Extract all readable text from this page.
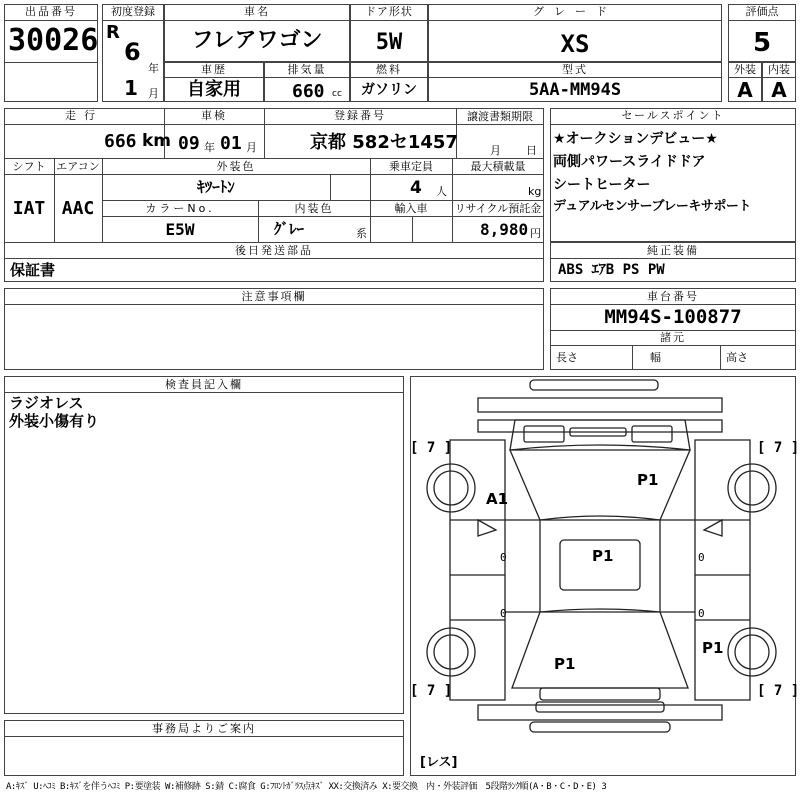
出品番号
30026
初度登録
R
6
年
1 月
車名
フレアワゴン
ドア形状
5W
グレード
XS
評価点
5
車歴
自家用
排気量
660 cc
燃料
ガソリン
型式
5AA-MM94S
外装
A
内装
A
走行
666 km
車検
09 年 01 月
登録番号
京都 582セ1457
譲渡書類期限
月 日
シフト
IAT
エアコン
AAC
外装色
ｷﾂｰﾄﾝ
乗車定員
4 人
最大積載量
kg
カラーNo.
E5W
内装色
ｸﾞﾚｰ	系
輸入車	リサイクル預託金
8,980 円
後日発送部品
保証書
セールスポイント
★オークションデビュー★
両側パワースライドドア
シートヒーター
デュアルセンサーブレーキサポート
純正装備
ABS ｴｱB PS PW
注意事項欄	車台番号
MM94S-100877
諸元
長さ	幅	高さ
検査員記入欄
ラジオレス
外装小傷有り
事務局よりご案内
P1
A1
P1
P1
P1
[ 7 ]	[ 7 ]
[ 7 ]	[ 7 ]
0	0
0	0
[レス]
A:ｷｽﾞ U:ﾍｺﾐ B:ｷｽﾞを伴うﾍｺﾐ P:要塗装 W:補修跡 S:錆 C:腐食 G:ﾌﾛﾝﾄｶﾞﾗｽ点ｷｽﾞ XX:交換済み X:要交換　内・外装評価　5段階ﾗﾝｸ順(A・B・C・D・E) 3
